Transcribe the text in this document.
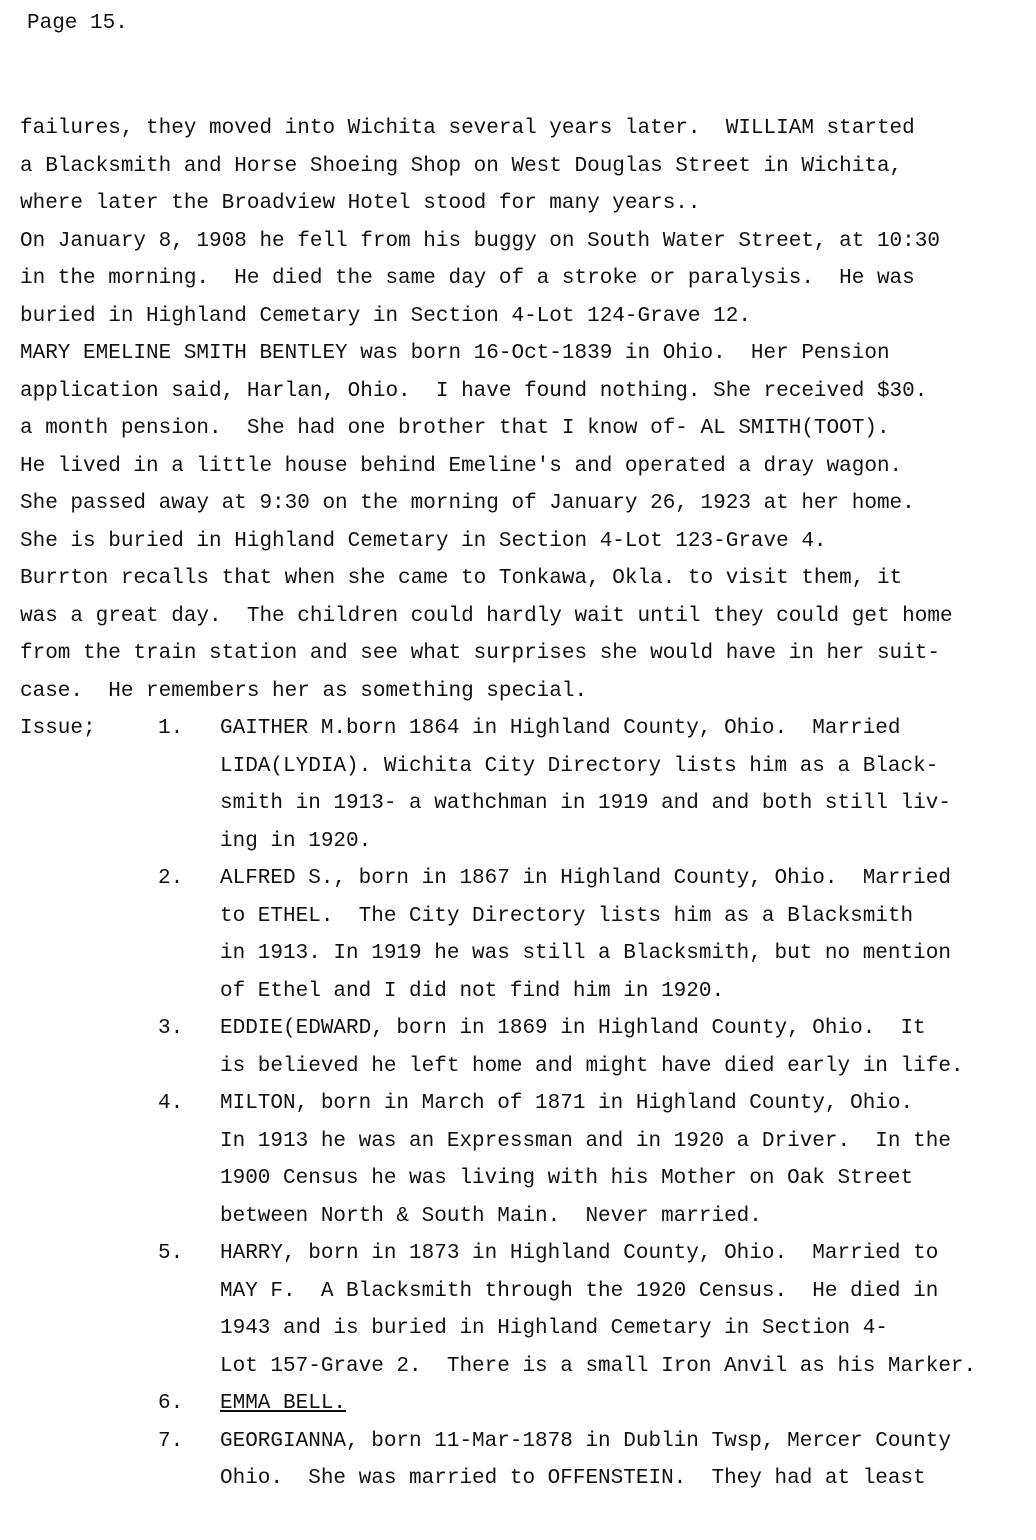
Page 15.
failures, they moved into Wichita several years later.  WILLIAM started
a Blacksmith and Horse Shoeing Shop on West Douglas Street in Wichita,
where later the Broadview Hotel stood for many years..
On January 8, 1908 he fell from his buggy on South Water Street, at 10:30
in the morning.  He died the same day of a stroke or paralysis.  He was
buried in Highland Cemetary in Section 4-Lot 124-Grave 12.
MARY EMELINE SMITH BENTLEY was born 16-Oct-1839 in Ohio.  Her Pension
application said, Harlan, Ohio.  I have found nothing. She received $30.
a month pension.  She had one brother that I know of- AL SMITH(TOOT).
He lived in a little house behind Emeline's and operated a dray wagon.
She passed away at 9:30 on the morning of January 26, 1923 at her home.
She is buried in Highland Cemetary in Section 4-Lot 123-Grave 4.
Burrton recalls that when she came to Tonkawa, Okla. to visit them, it
was a great day.  The children could hardly wait until they could get home
from the train station and see what surprises she would have in her suit-
case.  He remembers her as something special.
Issue;	1. GAITHER M.born 1864 in Highland County, Ohio.  Married
LIDA(LYDIA). Wichita City Directory lists him as a Black-
smith in 1913- a wathchman in 1919 and and both still liv-
ing in 1920.
2. ALFRED S., born in 1867 in Highland County, Ohio.  Married
to ETHEL.  The City Directory lists him as a Blacksmith
in 1913. In 1919 he was still a Blacksmith, but no mention
of Ethel and I did not find him in 1920.
3. EDDIE(EDWARD, born in 1869 in Highland County, Ohio.  It
is believed he left home and might have died early in life.
4. MILTON, born in March of 1871 in Highland County, Ohio.
In 1913 he was an Expressman and in 1920 a Driver.  In the
1900 Census he was living with his Mother on Oak Street
between North & South Main.  Never married.
5. HARRY, born in 1873 in Highland County, Ohio.  Married to
MAY F.  A Blacksmith through the 1920 Census.  He died in
1943 and is buried in Highland Cemetary in Section 4-
Lot 157-Grave 2.  There is a small Iron Anvil as his Marker.
6. EMMA BELL.
7. GEORGIANNA, born 11-Mar-1878 in Dublin Twsp, Mercer County
Ohio.  She was married to OFFENSTEIN.  They had at least
